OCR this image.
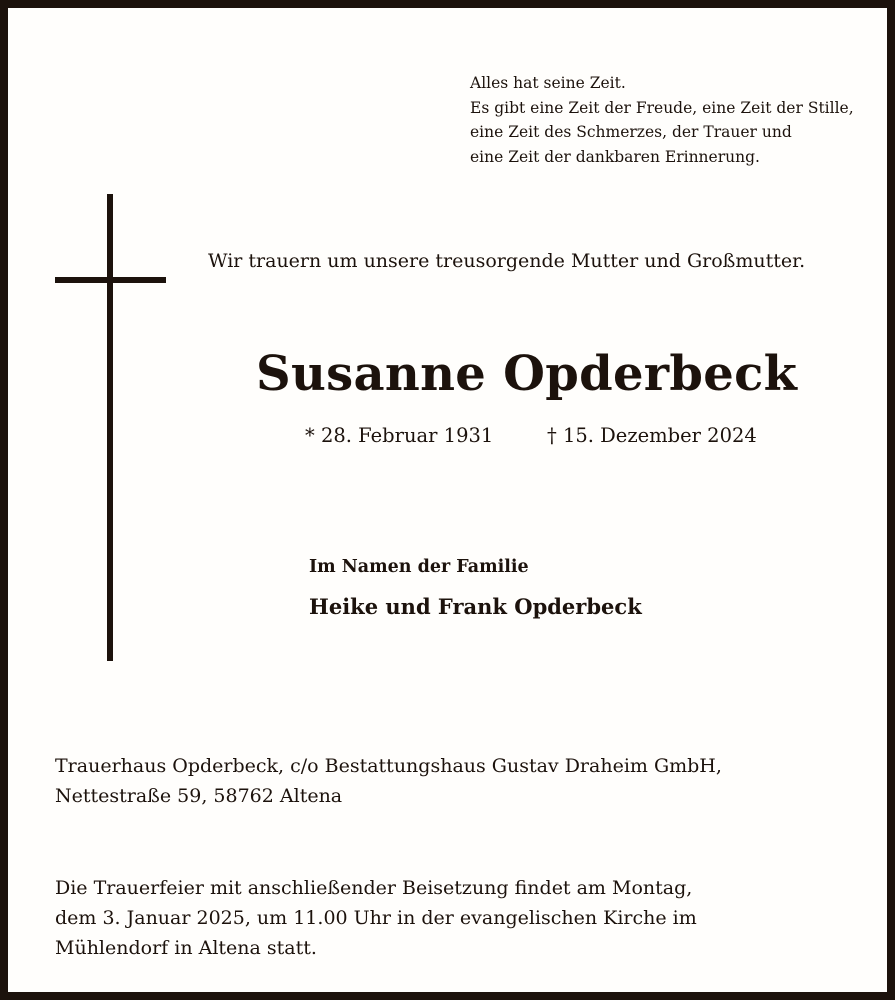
Alles hat seine Zeit.
Es gibt eine Zeit der Freude, eine Zeit der Stille,
eine Zeit des Schmerzes, der Trauer und
eine Zeit der dankbaren Erinnerung.
Wir trauern um unsere treusorgende Mutter und Großmutter.
Susanne Opderbeck
* 28. Februar 1931	† 15. Dezember 2024
Im Namen der Familie
Heike und Frank Opderbeck
Trauerhaus Opderbeck, c/o Bestattungshaus Gustav Draheim GmbH,
Nettestraße 59, 58762 Altena
Die Trauerfeier mit anschließender Beisetzung findet am Montag,
dem 3. Januar 2025, um 11.00 Uhr in der evangelischen Kirche im
Mühlendorf in Altena statt.
